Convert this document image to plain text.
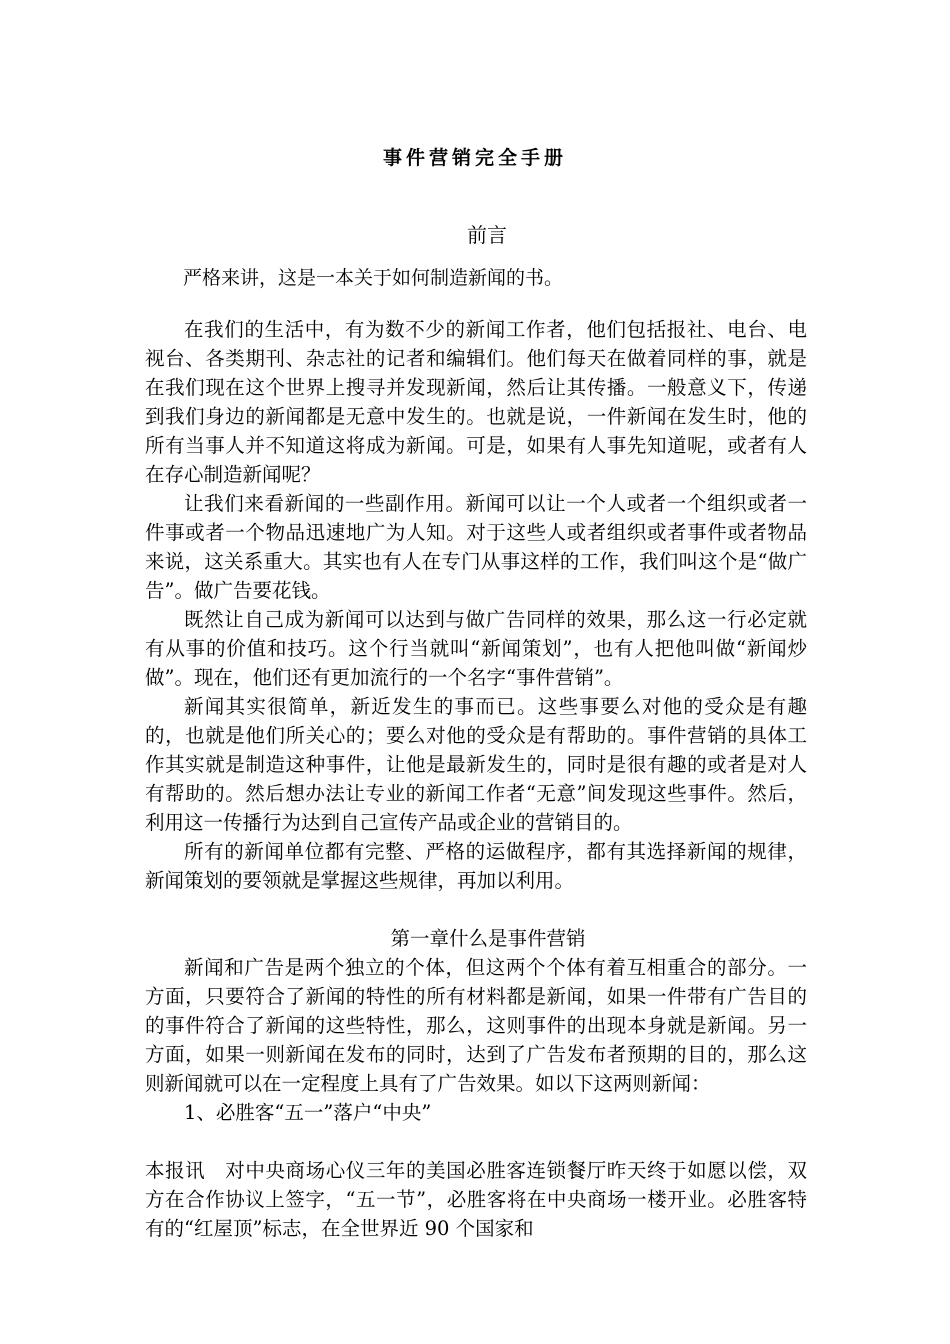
事件营销完全手册
前言

严格来讲，这是一本关于如何制造新闻的书。

在我们的生活中，有为数不少的新闻工作者，他们包括报社、电台、电视台、各类期刊、杂志社的记者和编辑们。他们每天在做着同样的事，就是在我们现在这个世界上搜寻并发现新闻，然后让其传播。一般意义下，传递到我们身边的新闻都是无意中发生的。也就是说，一件新闻在发生时，他的所有当事人并不知道这将成为新闻。可是，如果有人事先知道呢，或者有人在存心制造新闻呢？

让我们来看新闻的一些副作用。新闻可以让一个人或者一个组织或者一件事或者一个物品迅速地广为人知。对于这些人或者组织或者事件或者物品来说，这关系重大。其实也有人在专门从事这样的工作，我们叫这个是“做广告”。做广告要花钱。

既然让自己成为新闻可以达到与做广告同样的效果，那么这一行必定就有从事的价值和技巧。这个行当就叫“新闻策划”，也有人把他叫做“新闻炒做”。现在，他们还有更加流行的一个名字“事件营销”。

新闻其实很简单，新近发生的事而已。这些事要么对他的受众是有趣的，也就是他们所关心的；要么对他的受众是有帮助的。事件营销的具体工作其实就是制造这种事件，让他是最新发生的，同时是很有趣的或者是对人有帮助的。然后想办法让专业的新闻工作者“无意”间发现这些事件。然后，利用这一传播行为达到自己宣传产品或企业的营销目的。

所有的新闻单位都有完整、严格的运做程序，都有其选择新闻的规律，新闻策划的要领就是掌握这些规律，再加以利用。

第一章什么是事件营销

新闻和广告是两个独立的个体，但这两个个体有着互相重合的部分。一方面，只要符合了新闻的特性的所有材料都是新闻，如果一件带有广告目的的事件符合了新闻的这些特性，那么，这则事件的出现本身就是新闻。另一方面，如果一则新闻在发布的同时，达到了广告发布者预期的目的，那么这则新闻就可以在一定程度上具有了广告效果。如以下这两则新闻：

1、必胜客“五一”落户“中央”

本报讯　对中央商场心仪三年的美国必胜客连锁餐厅昨天终于如愿以偿，双方在合作协议上签字，“五一节”，必胜客将在中央商场一楼开业。必胜客特有的“红屋顶”标志，在全世界近 90 个国家和
